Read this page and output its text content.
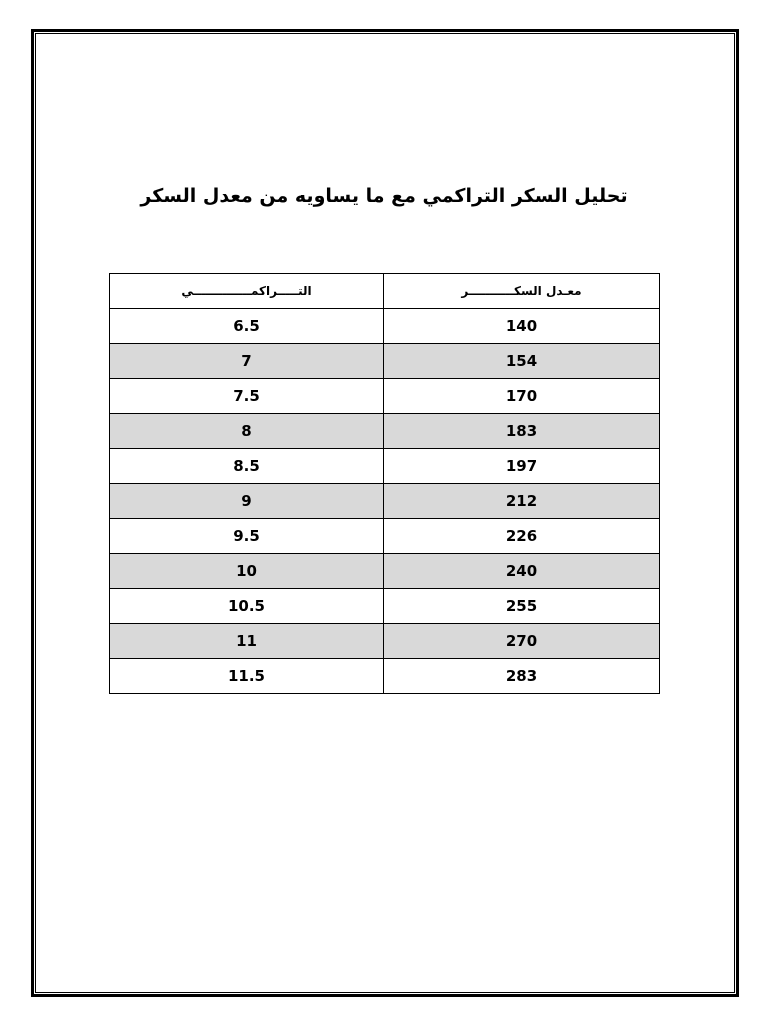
تحليل السكر التراكمي مع ما يساويه من معدل السكر
التـــــراكمــــــــــــــي	معـدل السكـــــــــــر
6.5	140
7	154
7.5	170
8	183
8.5	197
9	212
9.5	226
10	240
10.5	255
11	270
11.5	283
